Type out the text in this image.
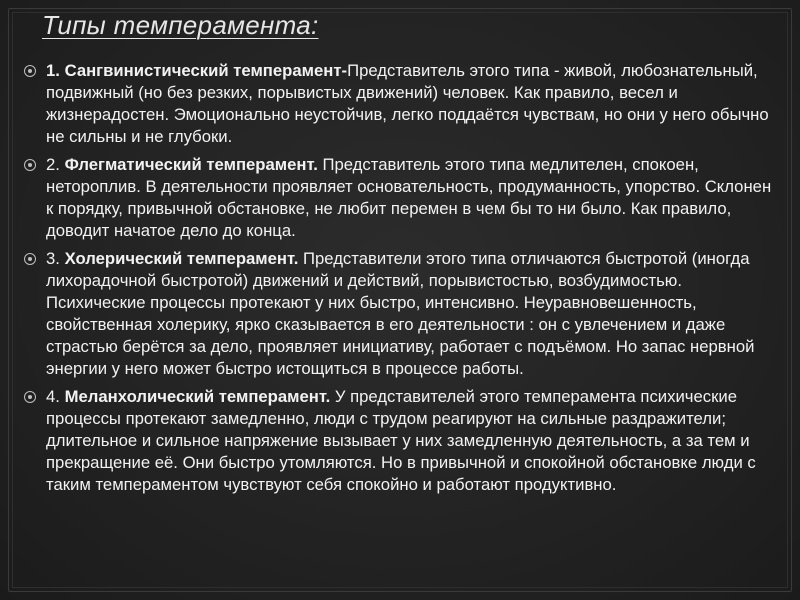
Типы темперамента:
1. Сангвинистический темперамент-Представитель этого типа - живой, любознательный, подвижный (но без резких, порывистых движений) человек. Как правило, весел и жизнерадостен. Эмоционально неустойчив, легко поддаётся чувствам, но они у него обычно не сильны и не глубоки.
2. Флегматический темперамент. Представитель этого типа медлителен, спокоен, нетороплив. В деятельности проявляет основательность, продуманность, упорство. Склонен к порядку, привычной обстановке, не любит перемен в чем бы то ни было. Как правило, доводит начатое дело до конца.
3. Холерический темперамент. Представители этого типа отличаются быстротой (иногда лихорадочной быстротой) движений и действий, порывистостью, возбудимостью. Психические процессы протекают у них быстро, интенсивно. Неуравновешенность, свойственная холерику, ярко сказывается в его деятельности : он с увлечением и даже страстью берётся за дело, проявляет инициативу, работает с подъёмом. Но запас нервной энергии у него может быстро истощиться в процессе работы.
4. Меланхолический темперамент. У представителей этого темперамента психические процессы протекают замедленно, люди с трудом реагируют на сильные раздражители; длительное и сильное напряжение вызывает у них замедленную деятельность, а за тем и прекращение её. Они быстро утомляются. Но в привычной и спокойной обстановке люди с таким темпераментом чувствуют себя спокойно и работают продуктивно.
